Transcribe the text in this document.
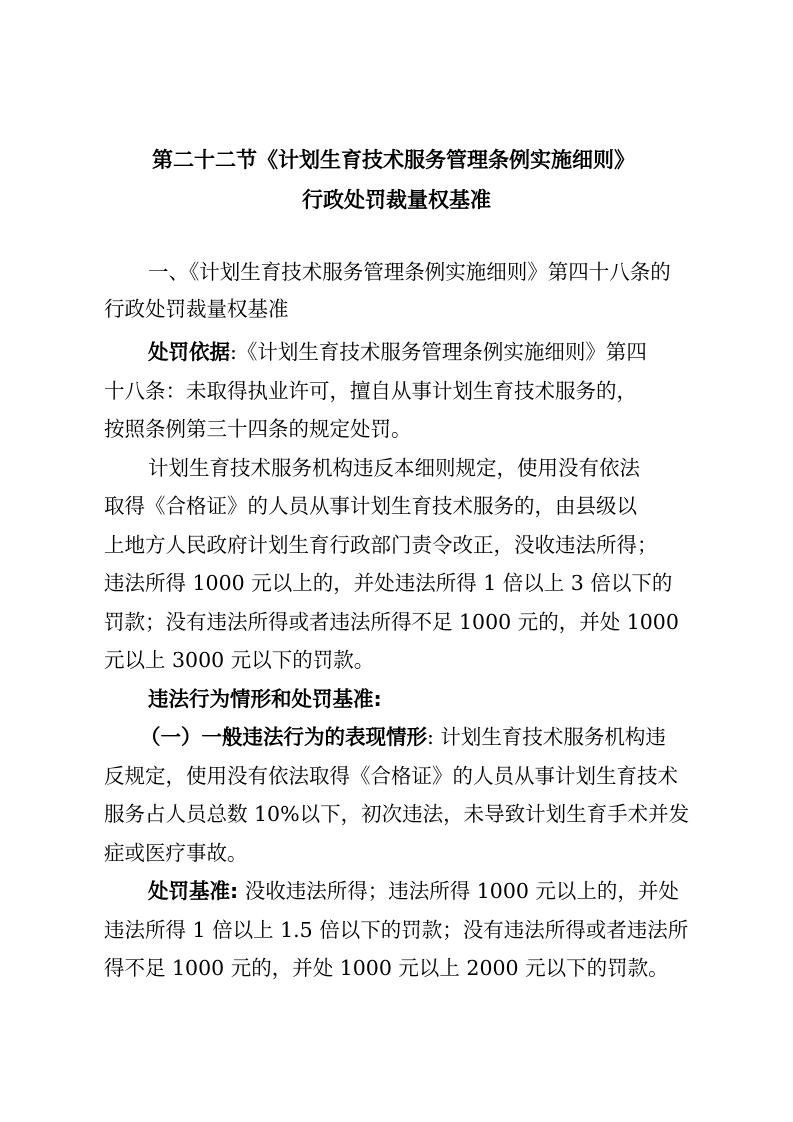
第二十二节《计划生育技术服务管理条例实施细则》
行政处罚裁量权基准
一、《计划生育技术服务管理条例实施细则》第四十八条的
行政处罚裁量权基准
处罚依据:《计划生育技术服务管理条例实施细则》第四
十八条：未取得执业许可，擅自从事计划生育技术服务的，
按照条例第三十四条的规定处罚。
计划生育技术服务机构违反本细则规定，使用没有依法
取得《合格证》的人员从事计划生育技术服务的，由县级以
上地方人民政府计划生育行政部门责令改正，没收违法所得；
违法所得 1000 元以上的，并处违法所得 1 倍以上 3 倍以下的
罚款；没有违法所得或者违法所得不足 1000 元的，并处 1000
元以上 3000 元以下的罚款。
违法行为情形和处罚基准:
（一）一般违法行为的表现情形: 计划生育技术服务机构违
反规定，使用没有依法取得《合格证》的人员从事计划生育技术
服务占人员总数 10%以下，初次违法，未导致计划生育手术并发
症或医疗事故。
处罚基准: 没收违法所得；违法所得 1000 元以上的，并处
违法所得 1 倍以上 1.5 倍以下的罚款；没有违法所得或者违法所
得不足 1000 元的，并处 1000 元以上 2000 元以下的罚款。
